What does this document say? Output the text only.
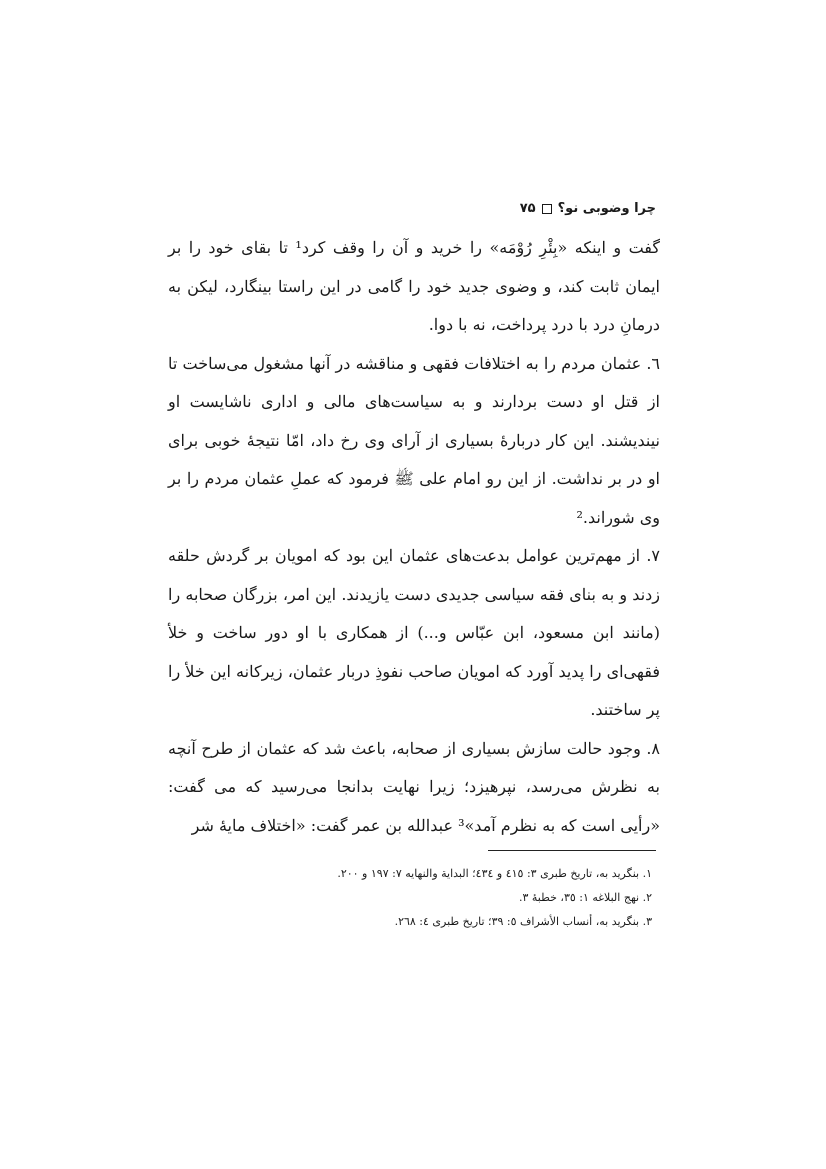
چرا وضوبی نو؟
۷۵

گفت و اینکه «بِئْرِ رُوْمَه» را خرید و آن را وقف کرد¹ تا بقای خود را بر ایمان ثابت کند، و وضوی جدید خود را گامی در این راستا بینگارد، لیکن به درمانِ درد با درد پرداخت، نه با دوا.

٦. عثمان مردم را به اختلافات فقهی و مناقشه در آنها مشغول می‌ساخت تا از قتل او دست بردارند و به سیاست‌های مالی و اداری ناشایست او نیندیشند. این کار دربارهٔ بسیاری از آرای وی رخ داد، امّا نتیجهٔ خوبی برای او در بر نداشت. از این رو امام علی ﷺ فرمود که عملِ عثمان مردم را بر وی شوراند.²

٧. از مهم‌ترین عوامل بدعت‌های عثمان این بود که امویان بر گردش حلقه زدند و به بنای فقه سیاسی جدیدی دست یازیدند. این امر، بزرگان صحابه را (مانند ابن مسعود، ابن عبّاس و...) از همکاری با او دور ساخت و خلأ فقهی‌ای را پدید آورد که امویان صاحب نفوذِ دربار عثمان، زیرکانه این خلأ را پر ساختند.

٨. وجود حالت سازش بسیاری از صحابه، باعث شد که عثمان از طرح آنچه به نظرش می‌رسد، نپرهیزد؛ زیرا نهایت بدانجا می‌رسید که می گفت: «رأیی است که به نظرم آمد»³ عبدالله بن عمر گفت: «اختلاف مایهٔ شر

١. بنگرید به، تاریخ طبری ٣: ٤١٥ و ٤٣٤؛ البدایة والنهایه ٧: ١٩٧ و ٢٠٠.
٢. نهج البلاغه ١: ٣٥، خطبهٔ ٣.
٣. بنگرید به، أنساب الأشراف ٥: ٣٩؛ تاریخ طبری ٤: ٢٦٨.
